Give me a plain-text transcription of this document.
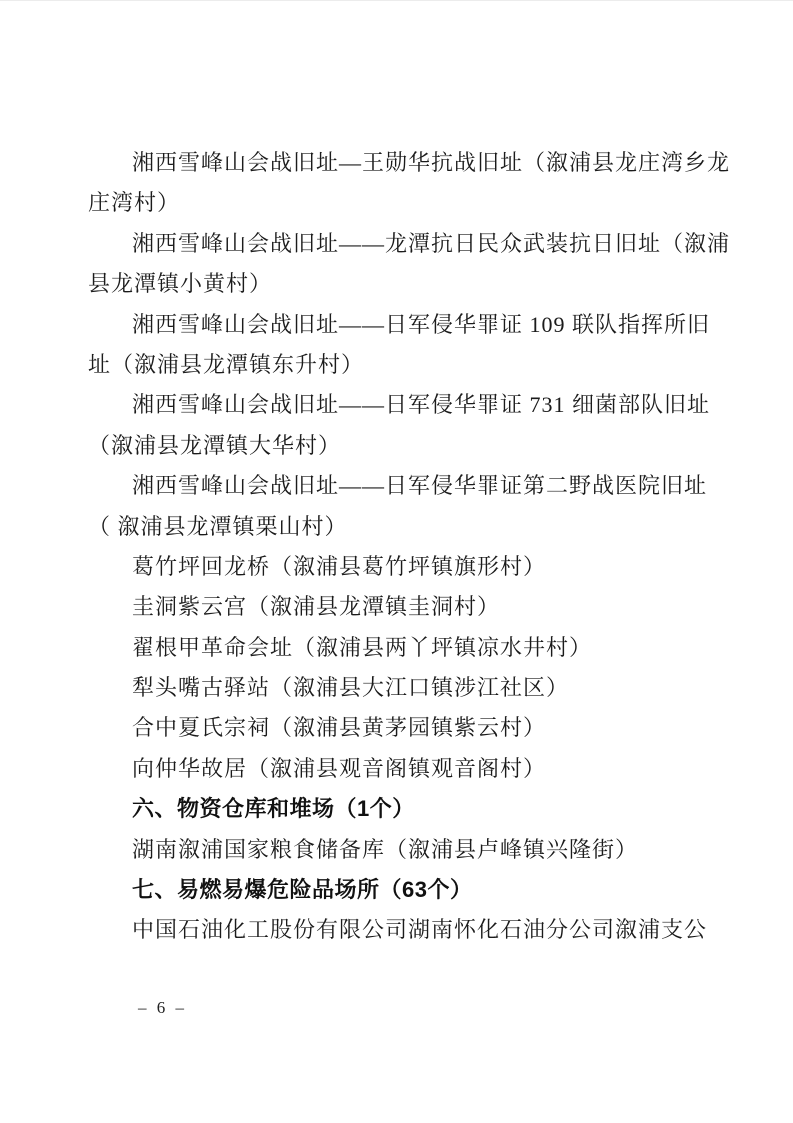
湘西雪峰山会战旧址—王勋华抗战旧址（溆浦县龙庄湾乡龙
庄湾村）
湘西雪峰山会战旧址——龙潭抗日民众武装抗日旧址（溆浦
县龙潭镇小黄村）
湘西雪峰山会战旧址——日军侵华罪证 109 联队指挥所旧
址（溆浦县龙潭镇东升村）
湘西雪峰山会战旧址——日军侵华罪证 731 细菌部队旧址
（溆浦县龙潭镇大华村）
湘西雪峰山会战旧址——日军侵华罪证第二野战医院旧址
（ 溆浦县龙潭镇栗山村）
葛竹坪回龙桥（溆浦县葛竹坪镇旗形村）
圭洞紫云宫（溆浦县龙潭镇圭洞村）
翟根甲革命会址（溆浦县两丫坪镇凉水井村）
犁头嘴古驿站（溆浦县大江口镇涉江社区）
合中夏氏宗祠（溆浦县黄茅园镇紫云村）
向仲华故居（溆浦县观音阁镇观音阁村）
六、物资仓库和堆场（1个）
湖南溆浦国家粮食储备库（溆浦县卢峰镇兴隆街）
七、易燃易爆危险品场所（63个）
中国石油化工股份有限公司湖南怀化石油分公司溆浦支公
– 6 –
